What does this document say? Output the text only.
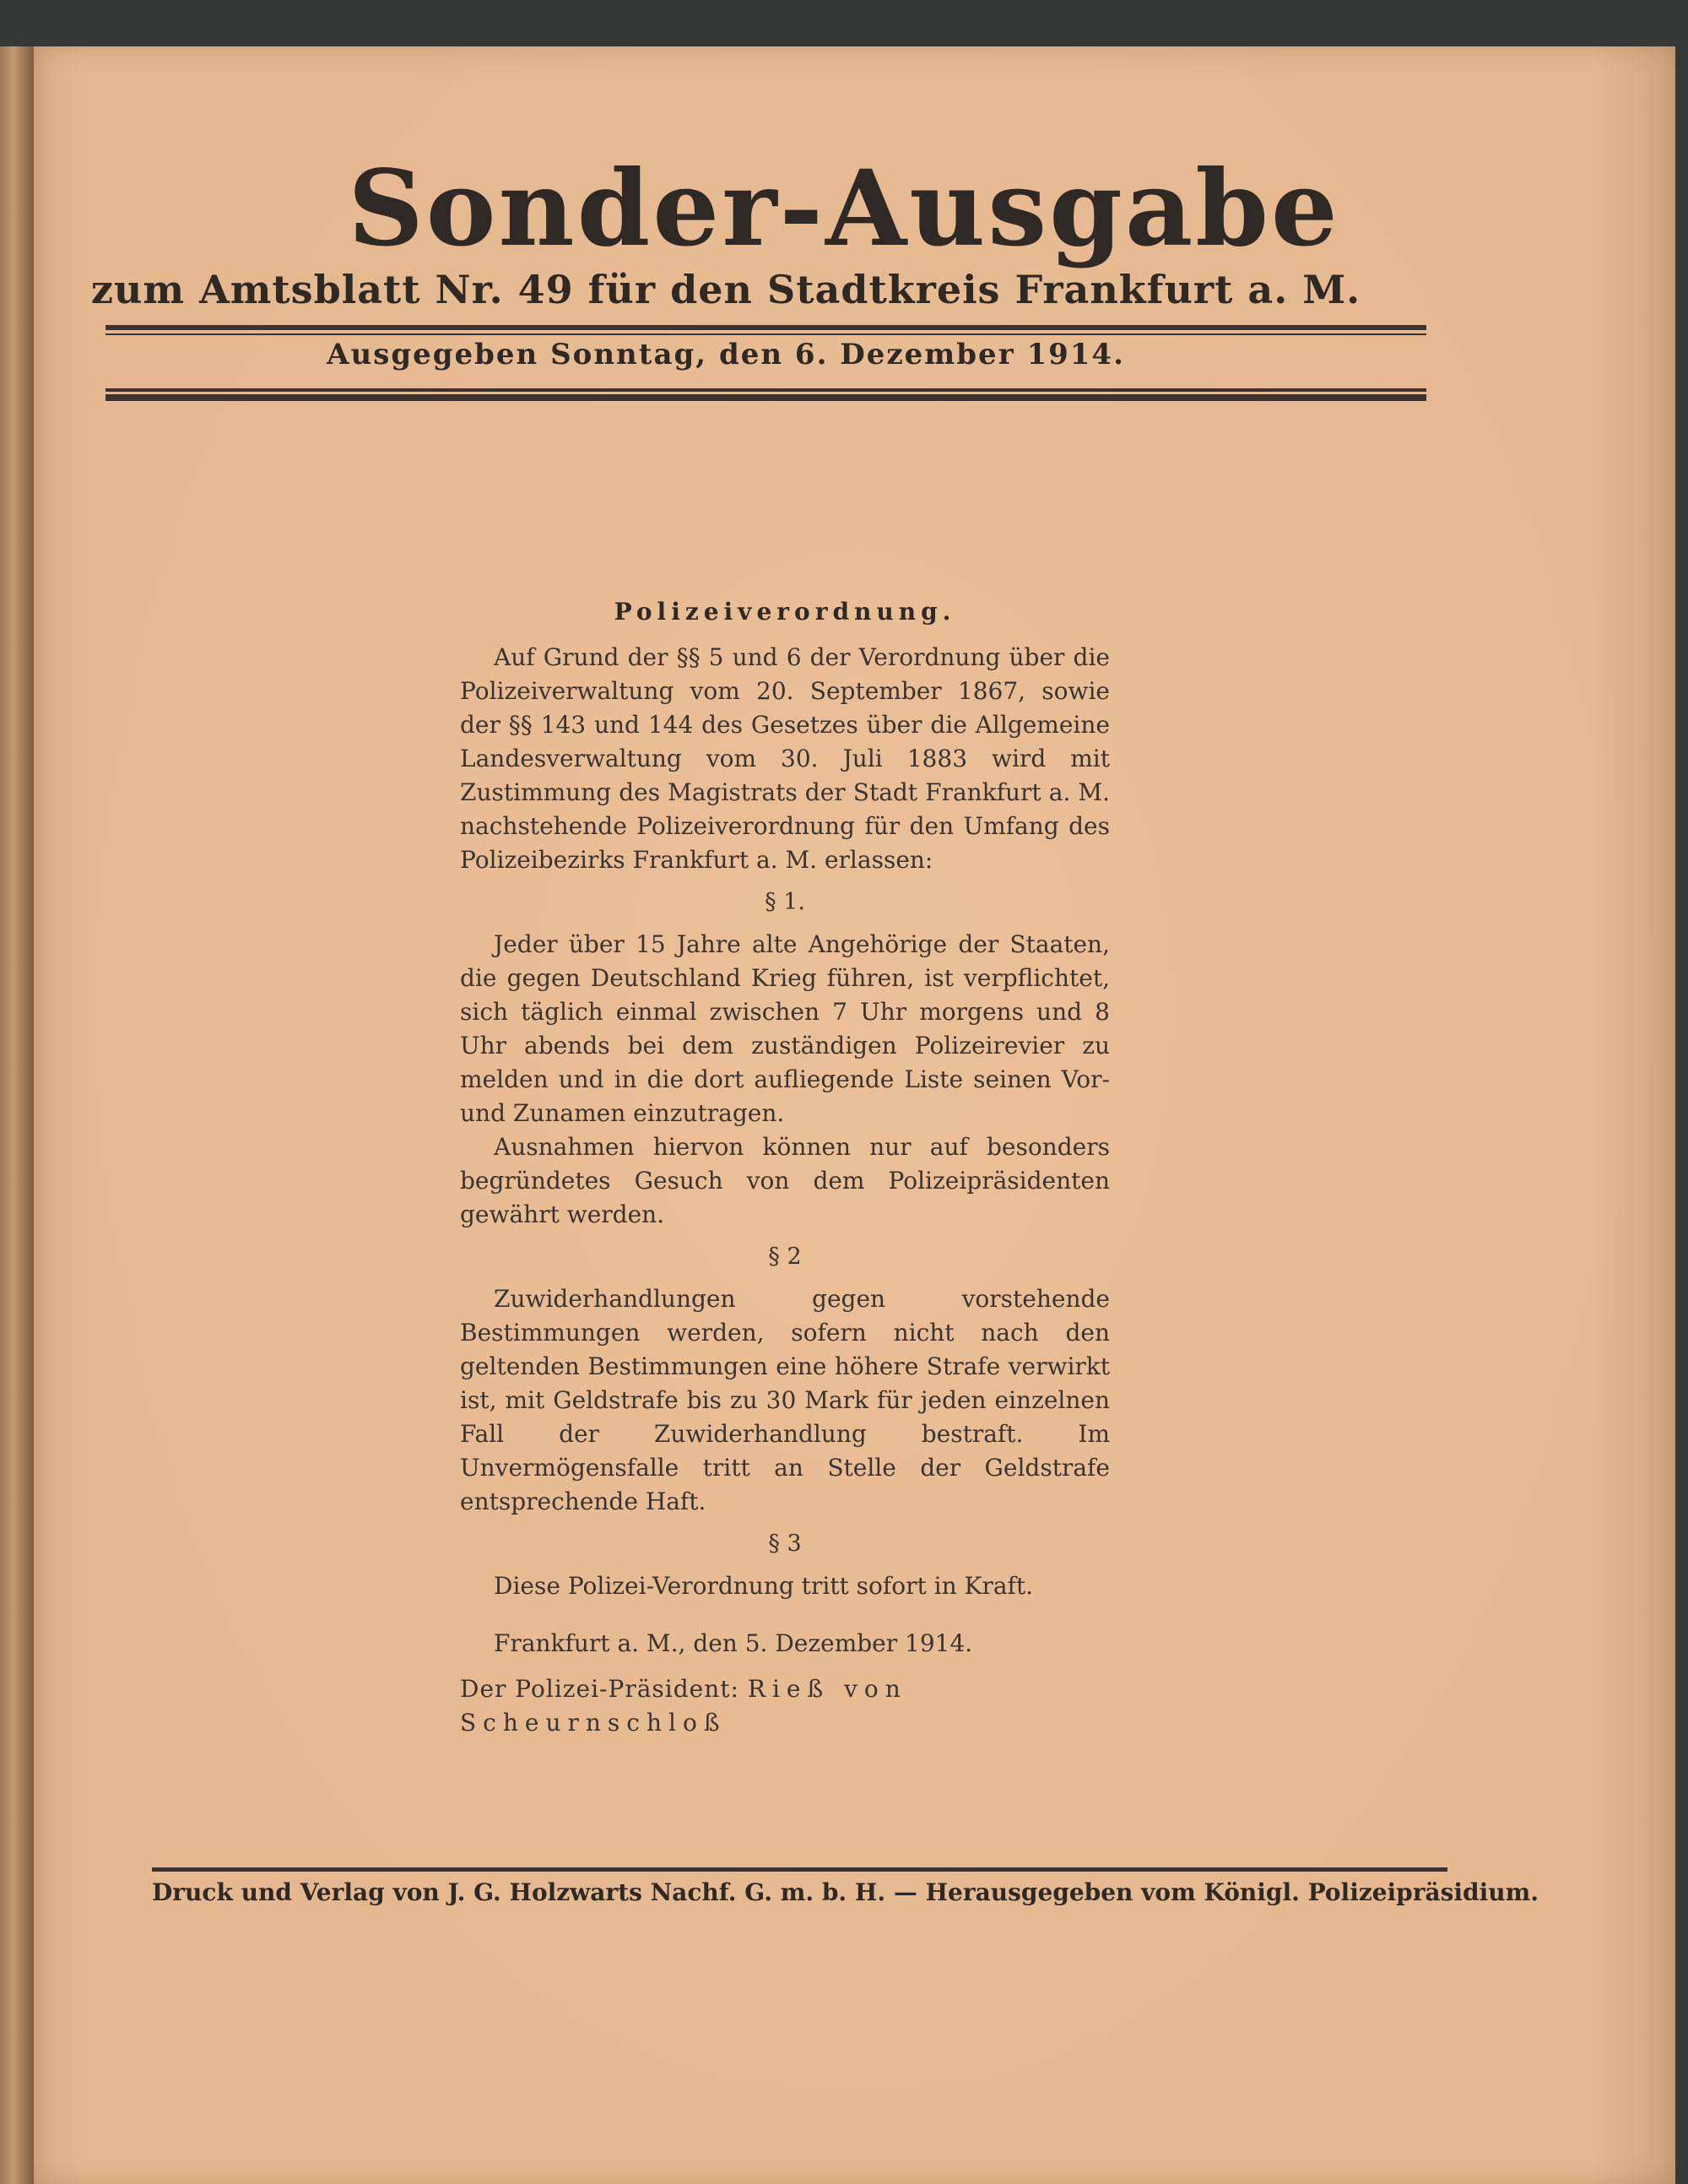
Sonder-Ausgabe
zum Amtsblatt Nr. 49 für den Stadtkreis Frankfurt a. M.
Ausgegeben Sonntag, den 6. Dezember 1914.

Polizeiverordnung.

Auf Grund der §§ 5 und 6 der Verordnung über die Polizeiverwaltung vom 20. September 1867, sowie der §§ 143 und 144 des Gesetzes über die Allgemeine Landesverwaltung vom 30. Juli 1883 wird mit Zustimmung des Magistrats der Stadt Frankfurt a. M. nachstehende Polizeiverordnung für den Umfang des Polizeibezirks Frankfurt a. M. erlassen:

§ 1.

Jeder über 15 Jahre alte Angehörige der Staaten, die gegen Deutschland Krieg führen, ist verpflichtet, sich täglich einmal zwischen 7 Uhr morgens und 8 Uhr abends bei dem zuständigen Polizeirevier zu melden und in die dort aufliegende Liste seinen Vor- und Zunamen einzutragen.

Ausnahmen hiervon können nur auf besonders begründetes Gesuch von dem Polizeipräsidenten gewährt werden.

§ 2

Zuwiderhandlungen gegen vorstehende Bestimmungen werden, sofern nicht nach den geltenden Bestimmungen eine höhere Strafe verwirkt ist, mit Geldstrafe bis zu 30 Mark für jeden einzelnen Fall der Zuwiderhandlung bestraft. Im Unvermögensfalle tritt an Stelle der Geldstrafe entsprechende Haft.

§ 3

Diese Polizei-Verordnung tritt sofort in Kraft.

Frankfurt a. M., den 5. Dezember 1914.

Der Polizei-Präsident: Rieß von Scheurnschloß

Druck und Verlag von J. G. Holzwarts Nachf. G. m. b. H. — Herausgegeben vom Königl. Polizeipräsidium.
